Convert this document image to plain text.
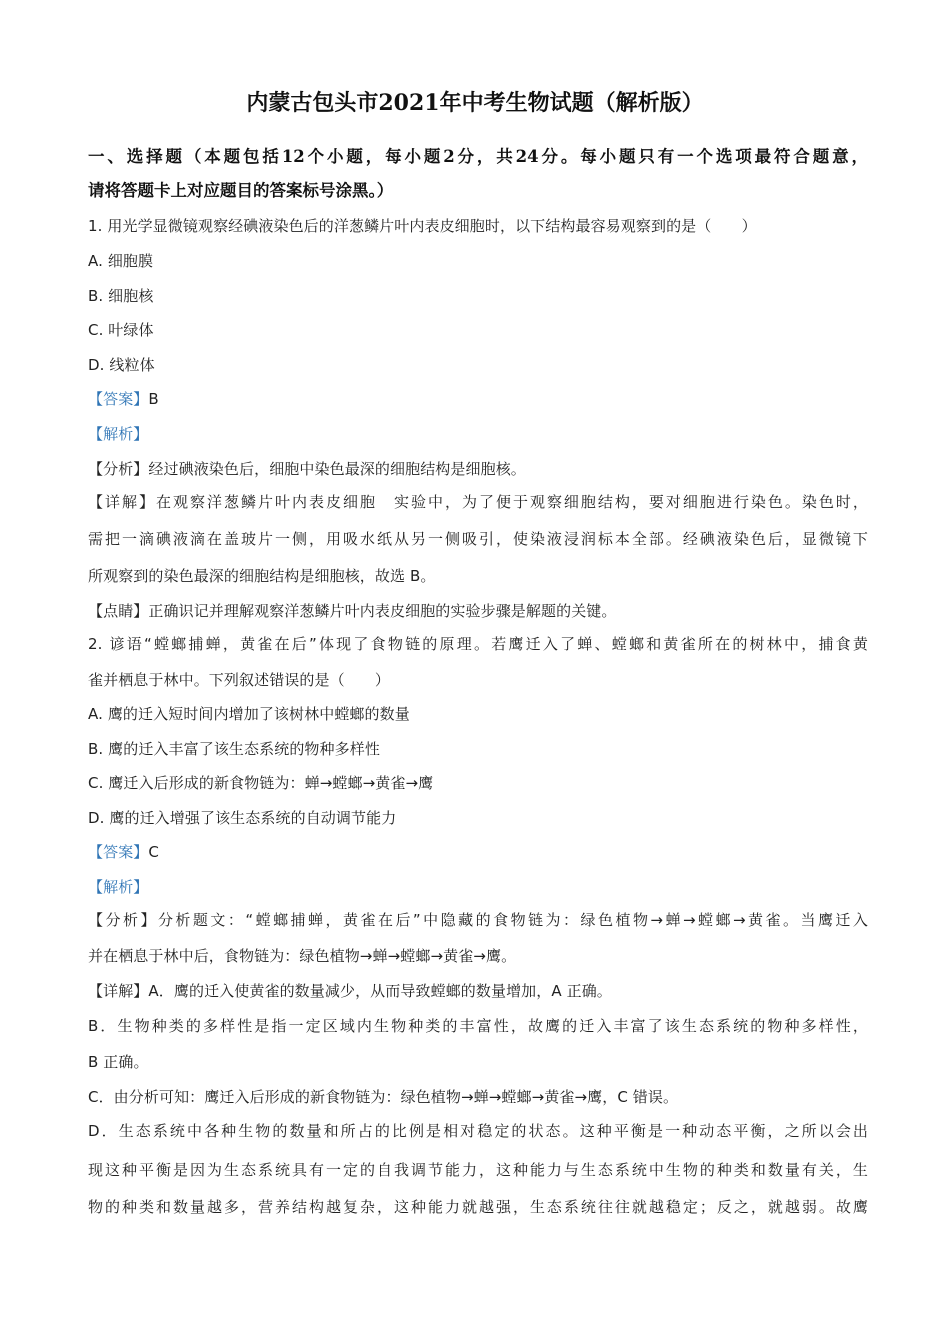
内蒙古包头市2021年中考生物试题（解析版）
一、选择题（本题包括12个小题，每小题2分，共24分。每小题只有一个选项最符合题意，
请将答题卡上对应题目的答案标号涂黑。）
1. 用光学显微镜观察经碘液染色后的洋葱鳞片叶内表皮细胞时，以下结构最容易观察到的是（　　）
A. 细胞膜
B. 细胞核
C. 叶绿体
D. 线粒体
【答案】B
【解析】
【分析】经过碘液染色后，细胞中染色最深的细胞结构是细胞核。
【详解】在观察洋葱鳞片叶内表皮细胞　实验中，为了便于观察细胞结构，要对细胞进行染色。染色时，
需把一滴碘液滴在盖玻片一侧，用吸水纸从另一侧吸引，使染液浸润标本全部。经碘液染色后，显微镜下
所观察到的染色最深的细胞结构是细胞核，故选 B。
【点睛】正确识记并理解观察洋葱鳞片叶内表皮细胞的实验步骤是解题的关键。
2. 谚语“螳螂捕蝉，黄雀在后”体现了食物链的原理。若鹰迁入了蝉、螳螂和黄雀所在的树林中，捕食黄
雀并栖息于林中。下列叙述错误的是（　　）
A. 鹰的迁入短时间内增加了该树林中螳螂的数量
B. 鹰的迁入丰富了该生态系统的物种多样性
C. 鹰迁入后形成的新食物链为：蝉→螳螂→黄雀→鹰
D. 鹰的迁入增强了该生态系统的自动调节能力
【答案】C
【解析】
【分析】分析题文：“螳螂捕蝉，黄雀在后”中隐藏的食物链为：绿色植物→蝉→螳螂→黄雀。当鹰迁入
并在栖息于林中后，食物链为：绿色植物→蝉→螳螂→黄雀→鹰。
【详解】A．鹰的迁入使黄雀的数量减少，从而导致螳螂的数量增加，A 正确。
B．生物种类的多样性是指一定区域内生物种类的丰富性，故鹰的迁入丰富了该生态系统的物种多样性，
B 正确。
C．由分析可知：鹰迁入后形成的新食物链为：绿色植物→蝉→螳螂→黄雀→鹰，C 错误。
D．生态系统中各种生物的数量和所占的比例是相对稳定的状态。这种平衡是一种动态平衡，之所以会出
现这种平衡是因为生态系统具有一定的自我调节能力，这种能力与生态系统中生物的种类和数量有关，生
物的种类和数量越多，营养结构越复杂，这种能力就越强，生态系统往往就越稳定；反之，就越弱。故鹰
